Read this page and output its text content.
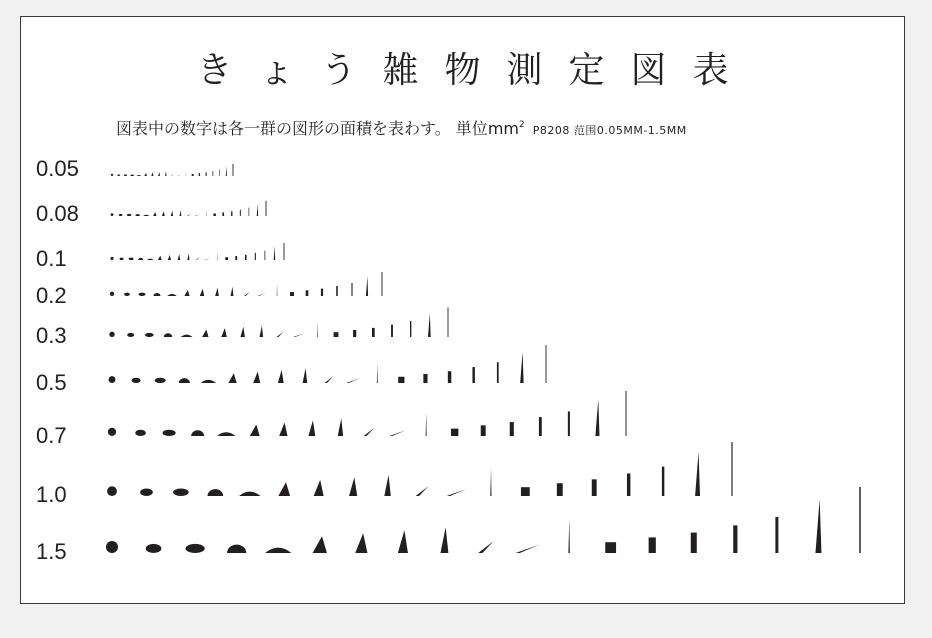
きょう雑物測定図表
図表中の数字は各一群の図形の面積を表わす。 単位$mm^2$ P8208 范围0.05MM-1.5MM
0.05
0.08
0.1
0.2
0.3
0.5
0.7
1.0
1.5
